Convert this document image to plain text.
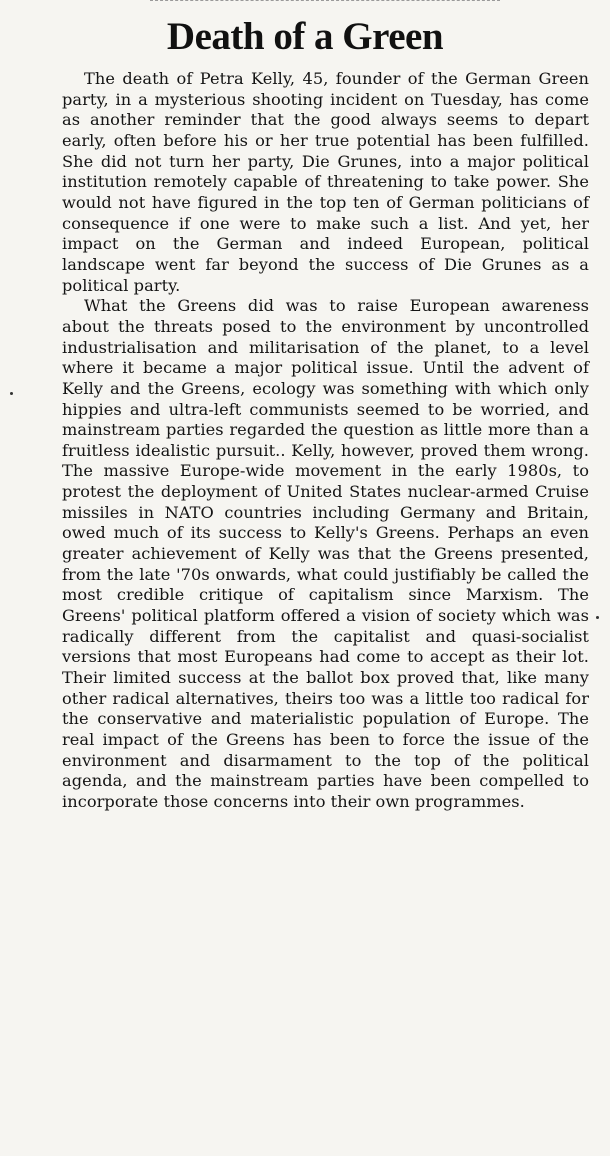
Death of a Green

The death of Petra Kelly, 45, founder of the German Green party, in a mysterious shooting incident on Tuesday, has come as another reminder that the good always seems to depart early, often before his or her true potential has been fulfilled. She did not turn her party, Die Grunes, into a major political institution remotely capable of threatening to take power. She would not have figured in the top ten of German politicians of consequence if one were to make such a list. And yet, her impact on the German and indeed European, political landscape went far beyond the success of Die Grunes as a political party.

What the Greens did was to raise European awareness about the threats posed to the environment by uncontrolled industrialisation and militarisation of the planet, to a level where it became a major political issue. Until the advent of Kelly and the Greens, ecology was something with which only hippies and ultra-left communists seemed to be worried, and mainstream parties regarded the question as little more than a fruitless idealistic pursuit.. Kelly, however, proved them wrong. The massive Europe-wide movement in the early 1980s, to protest the deployment of United States nuclear-armed Cruise missiles in NATO countries including Germany and Britain, owed much of its success to Kelly's Greens. Perhaps an even greater achievement of Kelly was that the Greens presented, from the late '70s onwards, what could justifiably be called the most credible critique of capitalism since Marxism. The Greens' political platform offered a vision of society which was radically different from the capitalist and quasi-socialist versions that most Europeans had come to accept as their lot. Their limited success at the ballot box proved that, like many other radical alternatives, theirs too was a little too radical for the conservative and materialistic population of Europe. The real impact of the Greens has been to force the issue of the environment and disarmament to the top of the political agenda, and the mainstream parties have been compelled to incorporate those concerns into their own programmes.
